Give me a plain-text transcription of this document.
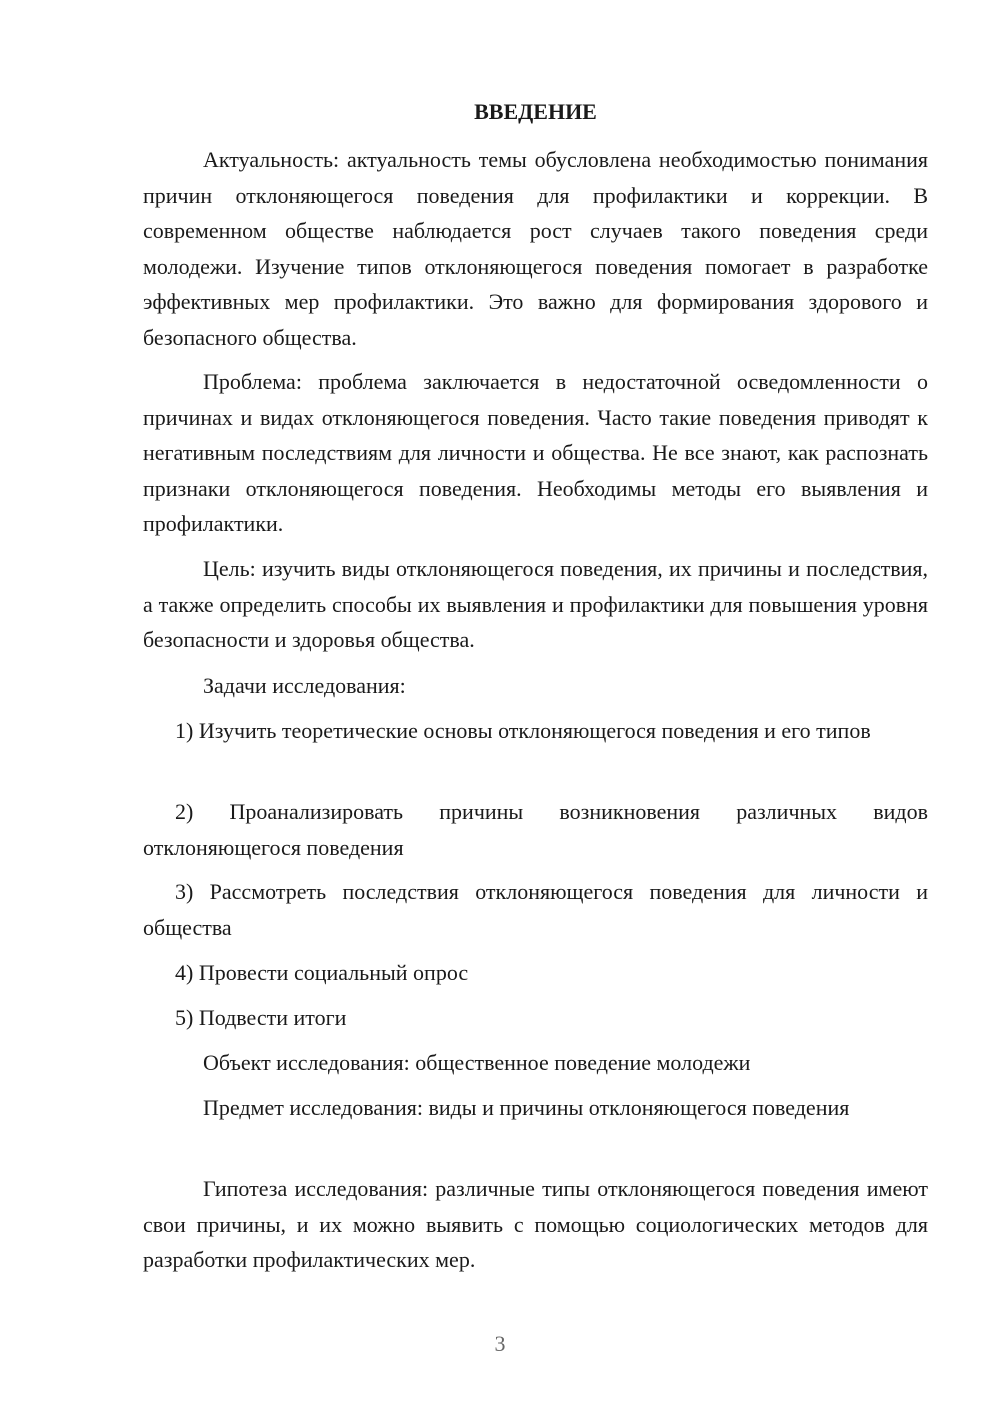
ВВЕДЕНИЕ

Актуальность: актуальность темы обусловлена необходимостью понимания причин отклоняющегося поведения для профилактики и коррекции. В современном обществе наблюдается рост случаев такого поведения среди молодежи. Изучение типов отклоняющегося поведения помогает в разработке эффективных мер профилактики. Это важно для формирования здорового и безопасного общества.

Проблема: проблема заключается в недостаточной осведомленности о причинах и видах отклоняющегося поведения. Часто такие поведения приводят к негативным последствиям для личности и общества. Не все знают, как распознать признаки отклоняющегося поведения. Необходимы методы его выявления и профилактики.

Цель: изучить виды отклоняющегося поведения, их причины и последствия, а также определить способы их выявления и профилактики для повышения уровня безопасности и здоровья общества.

Задачи исследования:

1) Изучить теоретические основы отклоняющегося поведения и его типов

2) Проанализировать причины возникновения различных видов отклоняющегося поведения

3) Рассмотреть последствия отклоняющегося поведения для личности и общества

4) Провести социальный опрос

5) Подвести итоги

Объект исследования: общественное поведение молодежи

Предмет исследования: виды и причины отклоняющегося поведения

Гипотеза исследования: различные типы отклоняющегося поведения имеют свои причины, и их можно выявить с помощью социологических методов для разработки профилактических мер.

3
